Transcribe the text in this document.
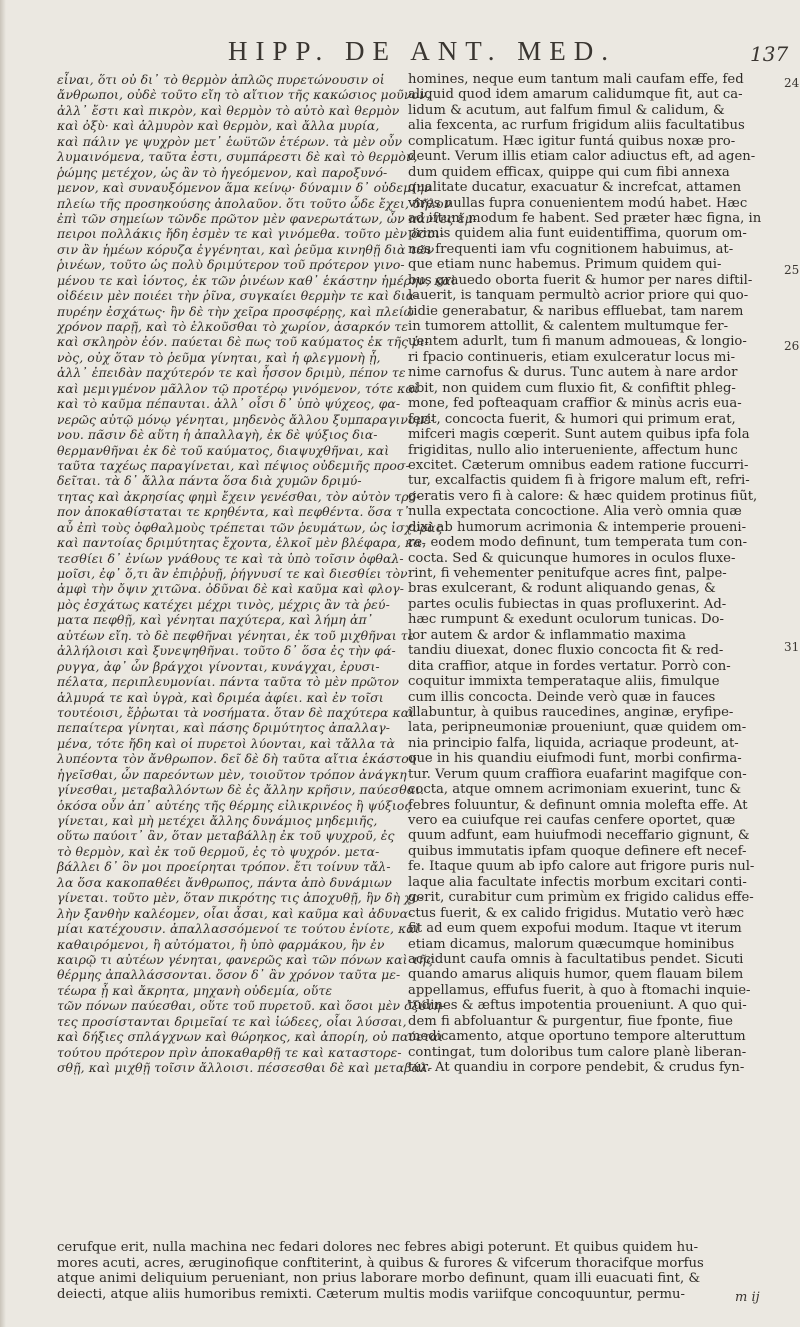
HIPP. DE ANT. MED.	137
εἶναι, ὅτι οὐ δι᾽ τὸ θερμὸν ἀπλῶς πυρετώνουσιν οἱ
ἄνθρωποι, οὐδὲ τοῦτο εἴη τὸ αἴτιον τῆς κακώσιος μοῦνον,
ἀλλ᾽ ἔστι καὶ πικρὸν, καὶ θερμὸν τὸ αὐτὸ καὶ θερμὸν
καὶ ὀξὺ· καὶ ἁλμυρὸν καὶ θερμὸν, καὶ ἄλλα μυρία,
καὶ πάλιν γε ψυχρὸν μετ᾽ ἑωϋτῶν ἑτέρων. τὰ μὲν οὖν
λυμαινόμενα, ταῦτα ἐστι, συμπάρεστι δὲ καὶ τὸ θερμὸν,
ῥώμης μετέχον, ὡς ἂν τὸ ἡγεόμενον, καὶ παροξυνό-
μενον, καὶ συναυξόμενον ἅμα κείνῳ· δύναμιν δ᾽ οὐδεμίην
πλείω τῆς προσηκούσης ἀπολαῦον. ὅτι τοῦτο ὧδε ἔχει, δῆλον
ἐπὶ τῶν σημείων τῶνδε πρῶτον μὲν φανερωτάτων, ὧν πάντες ἔμ-
πειροι πολλάκις ἤδη ἐσμὲν τε καὶ γινόμεθα. τοῦτο μὲν ὅσοι-
σιν ἂν ἡμέων κόρυζα ἐγγένηται, καὶ ῥεῦμα κινηθῇ διὰ τῶν
ῥινέων, τοῦτο ὡς πολὺ δριμύτερον τοῦ πρότερον γινο-
μένου τε καὶ ἰόντος, ἐκ τῶν ῥινέων καθ᾽ ἑκάστην ἡμέρην, καὶ
οἰδέειν μὲν ποιέει τὴν ῥῖνα, συγκαίει θερμὴν τε καὶ δια-
πυρέην ἐσχάτως· ἢν δὲ τὴν χεῖρα προσφέρῃς, καὶ πλείω
χρόνον παρῇ, καὶ τὸ ἑλκοῦσθαι τὸ χωρίον, ἀσαρκόν τε
καὶ σκληρὸν ἐόν. παύεται δὲ πως τοῦ καύματος ἐκ τῆς ῥι-
νὸς, οὐχ ὅταν τὸ ῥεῦμα γίνηται, καὶ ἡ φλεγμονὴ ᾖ,
ἀλλ᾽ ἐπειδὰν παχύτερόν τε καὶ ἧσσον δριμὺ, πέπον τε
καὶ μεμιγμένον μᾶλλον τῷ προτέρῳ γινόμενον, τότε καὶ
καὶ τὸ καῦμα πέπαυται. ἀλλ᾽ οἷσι δ᾽ ὑπὸ ψύχεος, φα-
νερῶς αὐτῷ μόνῳ γένηται, μηδενὸς ἄλλου ξυμπαραγινομέ-
νου. πᾶσιν δὲ αὕτη ἡ ἀπαλλαγὴ, ἐκ δὲ ψύξιος δια-
θερμανθῆναι ἐκ δὲ τοῦ καύματος, διαψυχθῆναι, καὶ
ταῦτα ταχέως παραγίνεται, καὶ πέψιος οὐδεμιῆς προσ-
δεῖται. τὰ δ᾽ ἄλλα πάντα ὅσα διὰ χυμῶν δριμύ-
τητας καὶ ἀκρησίας φημὶ ἔχειν γενέσθαι, τὸν αὐτὸν τρό-
πον ἀποκαθίσταται τε κρηθέντα, καὶ πεφθέντα. ὅσα τ᾽
αὖ ἐπὶ τοὺς ὀφθαλμοὺς τρέπεται τῶν ῥευμάτων, ὡς ἰσχυρὰς
καὶ παντοίας δριμύτητας ἔχοντα, ἑλκοῖ μὲν βλέφαρα, κα-
τεσθίει δ᾽ ἐνίων γνάθους τε καὶ τὰ ὑπὸ τοῖσιν ὀφθαλ-
μοῖσι, ἐφ᾽ ὅ,τι ἂν ἐπιῤῥυῇ, ῥήγνυσί τε καὶ διεσθίει τὸν
ἀμφὶ τὴν ὄψιν χιτῶνα. ὀδῦναι δὲ καὶ καῦμα καὶ φλογ-
μὸς ἐσχάτως κατέχει μέχρι τινὸς, μέχρις ἂν τὰ ῥεύ-
ματα πεφθῇ, καὶ γένηται παχύτερα, καὶ λήμη ἀπ᾽
αὐτέων εἴη. τὸ δὲ πεφθῆναι γένηται, ἐκ τοῦ μιχθῆναι τε
ἀλλήλοισι καὶ ξυνεψηθῆναι. τοῦτο δ᾽ ὅσα ἐς τὴν φά-
ρυγγα, ἀφ᾽ ὧν βράγχοι γίνονται, κυνάγχαι, ἐρυσι-
πέλατα, περιπλευμονίαι. πάντα ταῦτα τὸ μὲν πρῶτον
ἁλμυρά τε καὶ ὑγρὰ, καὶ δριμέα ἀφίει. καὶ ἐν τοῖσι
τουτέοισι, ἔῤῥωται τὰ νοσήματα. ὅταν δὲ παχύτερα καὶ
πεπαίτερα γίνηται, καὶ πάσης δριμύτητος ἀπαλλαγ-
μένα, τότε ἤδη καὶ οἱ πυρετοὶ λύονται, καὶ τἄλλα τὰ
λυπέοντα τὸν ἄνθρωπον. δεῖ δὲ δὴ ταῦτα αἴτια ἑκάστου
ἡγεῖσθαι, ὧν παρεόντων μὲν, τοιοῦτον τρόπον ἀνάγκη
γίνεσθαι, μεταβαλλόντων δὲ ἐς ἄλλην κρῆσιν, παύεσθαι.
ὁκόσα οὖν ἀπ᾽ αὐτέης τῆς θέρμης εἰλικρινέος ἢ ψύξιος
γίνεται, καὶ μὴ μετέχει ἄλλης δυνάμιος μηδεμιῆς,
οὕτω παύοιτ᾽ ἂν, ὅταν μεταβάλλῃ ἐκ τοῦ ψυχροῦ, ἐς
τὸ θερμὸν, καὶ ἐκ τοῦ θερμοῦ, ἐς τὸ ψυχρόν. μετα-
βάλλει δ᾽ ὃν μοι προείρηται τρόπον. ἔτι τοίνυν τἄλ-
λα ὅσα κακοπαθέει ἄνθρωπος, πάντα ἀπὸ δυνάμιων
γίνεται. τοῦτο μὲν, ὅταν πικρότης τις ἀποχυθῇ, ἣν δὴ χο-
λὴν ξανθὴν καλέομεν, οἷαι ἆσαι, καὶ καῦμα καὶ ἀδυνα-
μίαι κατέχουσιν. ἀπαλλασσόμενοί τε τούτου ἐνίοτε, καὶ
καθαιρόμενοι, ἢ αὐτόματοι, ἢ ὑπὸ φαρμάκου, ἣν ἐν
καιρῷ τι αὐτέων γένηται, φανερῶς καὶ τῶν πόνων καὶ τῆς
θέρμης ἀπαλλάσσονται. ὅσον δ᾽ ἂν χρόνον ταῦτα με-
τέωρα ᾖ καὶ ἄκρητα, μηχανὴ οὐδεμία, οὕτε
τῶν πόνων παύεσθαι, οὕτε τοῦ πυρετοῦ. καὶ ὅσοι μὲν ὀξύτη-
τες προσίστανται δριμεῖαί τε καὶ ἰώδεες, οἷαι λύσσαι,
καὶ δήξιες σπλάγχνων καὶ θώρηκος, καὶ ἀπορίη, οὐ παύεται
τούτου πρότερον πρὶν ἀποκαθαρθῇ τε καὶ καταστορε-
σθῇ, καὶ μιχθῇ τοῖσιν ἄλλοισι. πέσσεσθαι δὲ καὶ μεταβάλ-
homines, neque eum tantum mali caufam effe, fed
aliquid quod idem amarum calidumque fit, aut ca-
lidum & acutum, aut falfum fimul & calidum, &
alia fexcenta, ac rurfum frigidum aliis facultatibus
complicatum. Hæc igitur funtá quibus noxæ pro-
deunt. Verum illis etiam calor adiuctus eft, ad agen-
dum quidem efficax, quippe qui cum fibi annexa
qualitate ducatur, exacuatur & increfcat, attamen
vires nullas fupra conuenientem modú habet. Hæc
ad iftum modum fe habent. Sed præter hæc figna, in
primis quidem alia funt euidentiffima, quorum om-
nes frequenti iam vfu cognitionem habuimus, at-
que etiam nunc habemus. Primum quidem qui-
bus grauedo oborta fuerit & humor per nares diftil-
lauerit, is tanquam permultò acrior priore qui quo-
tidie generabatur, & naribus effluebat, tam narem
in tumorem attollit, & calentem multumque fer-
uentem adurlt, tum fi manum admoueas, & longio-
ri fpacio continueris, etiam exulceratur locus mi-
nime carnofus & durus. Tunc autem à nare ardor
abit, non quidem cum fluxio fit, & confiftit phleg-
mone, fed pofteaquam craffior & minùs acris eua-
ferit, concocta fuerit, & humori qui primum erat,
mifceri magis cœperit. Sunt autem quibus ipfa fola
frigiditas, nullo alio interueniente, affectum hunc
excitet. Cæterum omnibus eadem ratione fuccurri-
tur, excalfactis quidem fi à frigore malum eft, refri-
geratis vero fi à calore: & hæc quidem protinus fiũt,
nulla expectata concoctione. Alia verò omnia quæ
dixi ab humorum acrimonia & intemperie proueni-
re, eodem modo definunt, tum temperata tum con-
cocta. Sed & quicunque humores in oculos fluxe-
rint, fi vehementer penitufque acres fint, palpe-
bras exulcerant, & rodunt aliquando genas, &
partes oculis fubiectas in quas profluxerint. Ad-
hæc rumpunt & exedunt oculorum tunicas. Do-
lor autem & ardor & inflammatio maxima
tandiu diuexat, donec fluxio concocta fit & red-
dita craffior, atque in fordes vertatur. Porrò con-
coquitur immixta temperataque aliis, fimulque
cum illis concocta. Deinde verò quæ in fauces
illabuntur, à quibus raucedines, anginæ, eryfipe-
lata, peripneumoniæ proueniunt, quæ quidem om-
nia principio falfa, liquida, acriaque prodeunt, at-
que in his quandiu eiufmodi funt, morbi confirma-
tur. Verum quum craffiora euafarint magifque con-
cocta, atque omnem acrimoniam exuerint, tunc &
febres foluuntur, & definunt omnia molefta effe. At
vero ea cuiufque rei caufas cenfere oportet, quæ
quum adfunt, eam huiufmodi neceffario gignunt, &
quibus immutatis ipfam quoque definere eft necef-
fe. Itaque quum ab ipfo calore aut frigore puris nul-
laque alia facultate infectis morbum excitari conti-
gerit, curabitur cum primùm ex frigido calidus effe-
ctus fuerit, & ex calido frigidus. Mutatio verò hæc
fit ad eum quem expofui modum. Itaque vt iterum
etiam dicamus, malorum quæcumque hominibus
accidunt caufa omnis à facultatibus pendet. Sicuti
quando amarus aliquis humor, quem flauam bilem
appellamus, effufus fuerit, à quo à ftomachi inquie-
tudines & æftus impotentia proueniunt. A quo qui-
dem fi abfoluantur & purgentur, fiue fponte, fiue
medicamento, atque oportuno tempore alteruttum
contingat, tum doloribus tum calore planè liberan-
tur. At quandiu in corpore pendebit, & crudus fyn-
24
25
26
31
cerufque erit, nulla machina nec fedari dolores nec febres abigi poterunt. Et quibus quidem hu-
mores acuti, acres, æruginofique conftiterint, à quibus & furores & vifcerum thoracifque morfus
atque animi deliquium perueniant, non prius laborare morbo definunt, quam illi euacuati fint, &
deiecti, atque aliis humoribus remixti. Cæterum multis modis variifque concoquuntur, permu-	m ij
